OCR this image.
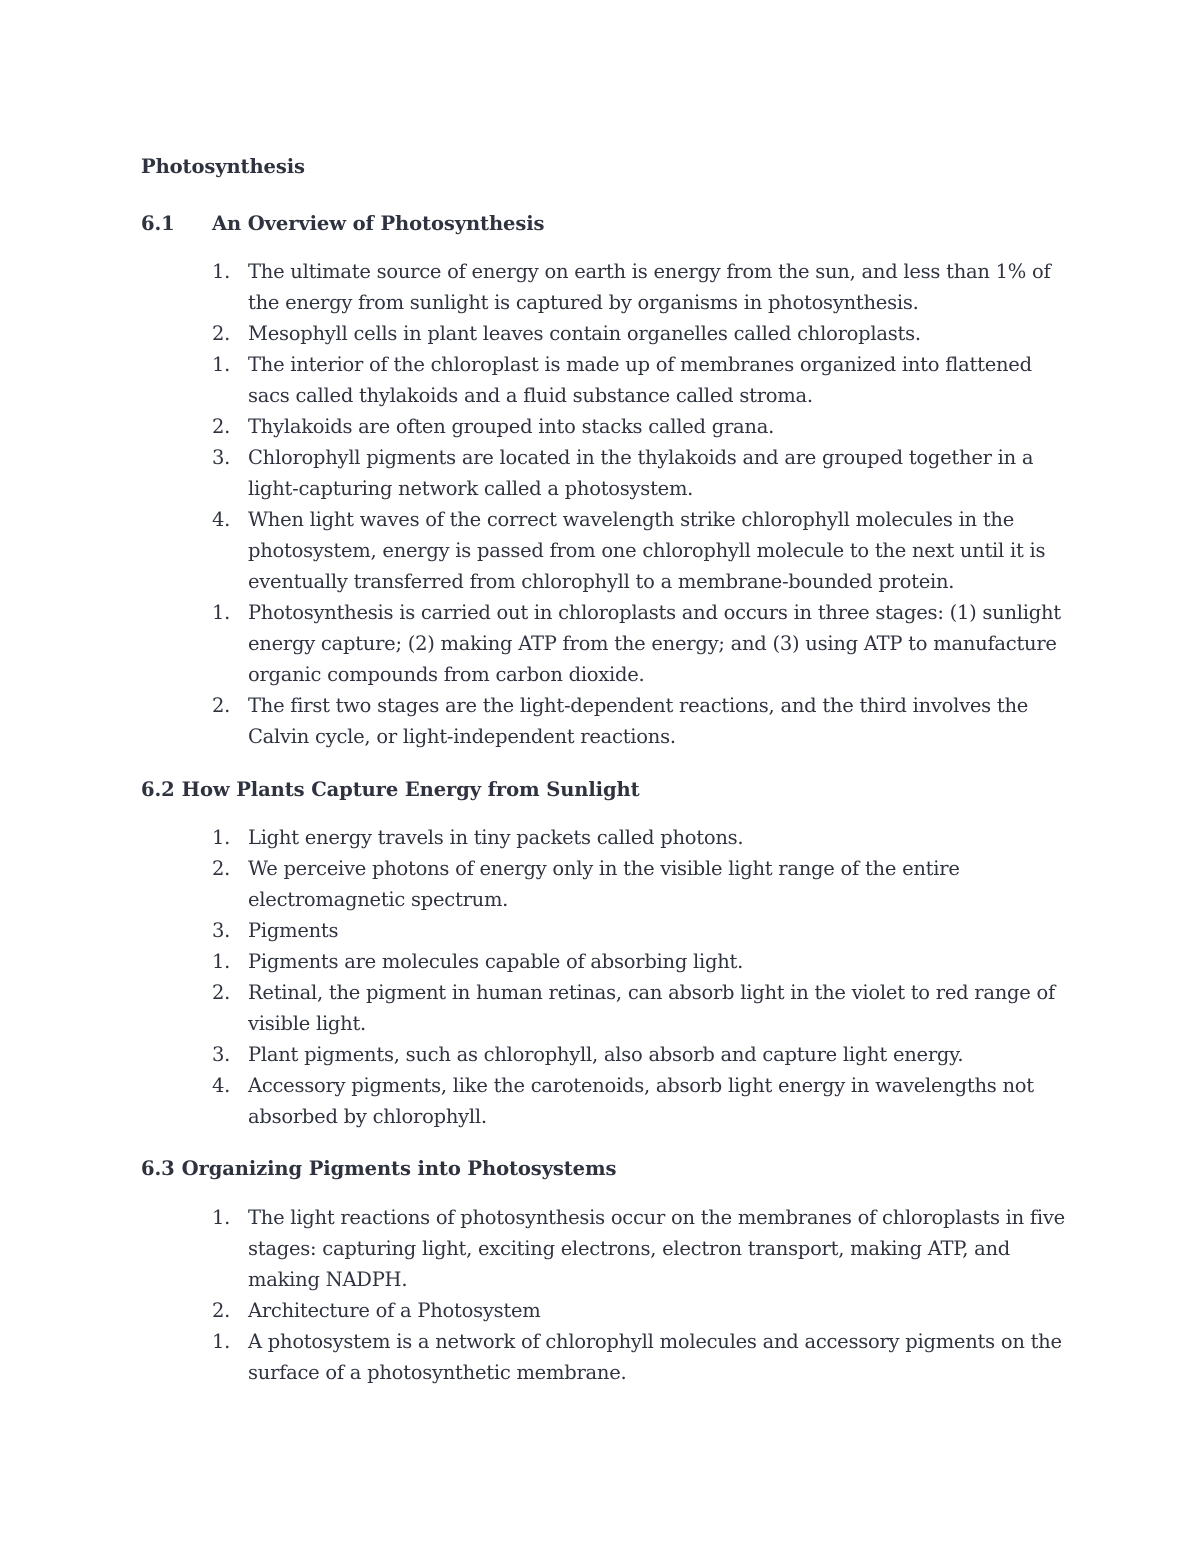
Photosynthesis
6.1 An Overview of Photosynthesis
1. The ultimate source of energy on earth is energy from the sun, and less than 1% of the energy from sunlight is captured by organisms in photosynthesis.
2. Mesophyll cells in plant leaves contain organelles called chloroplasts.
1. The interior of the chloroplast is made up of membranes organized into flattened sacs called thylakoids and a fluid substance called stroma.
2. Thylakoids are often grouped into stacks called grana.
3. Chlorophyll pigments are located in the thylakoids and are grouped together in a light-capturing network called a photosystem.
4. When light waves of the correct wavelength strike chlorophyll molecules in the photosystem, energy is passed from one chlorophyll molecule to the next until it is eventually transferred from chlorophyll to a membrane-bounded protein.
1. Photosynthesis is carried out in chloroplasts and occurs in three stages: (1) sunlight energy capture; (2) making ATP from the energy; and (3) using ATP to manufacture organic compounds from carbon dioxide.
2. The first two stages are the light-dependent reactions, and the third involves the Calvin cycle, or light-independent reactions.
6.2 How Plants Capture Energy from Sunlight
1. Light energy travels in tiny packets called photons.
2. We perceive photons of energy only in the visible light range of the entire electromagnetic spectrum.
3. Pigments
1. Pigments are molecules capable of absorbing light.
2. Retinal, the pigment in human retinas, can absorb light in the violet to red range of visible light.
3. Plant pigments, such as chlorophyll, also absorb and capture light energy.
4. Accessory pigments, like the carotenoids, absorb light energy in wavelengths not absorbed by chlorophyll.
6.3 Organizing Pigments into Photosystems
1. The light reactions of photosynthesis occur on the membranes of chloroplasts in five stages: capturing light, exciting electrons, electron transport, making ATP, and making NADPH.
2. Architecture of a Photosystem
1. A photosystem is a network of chlorophyll molecules and accessory pigments on the surface of a photosynthetic membrane.
